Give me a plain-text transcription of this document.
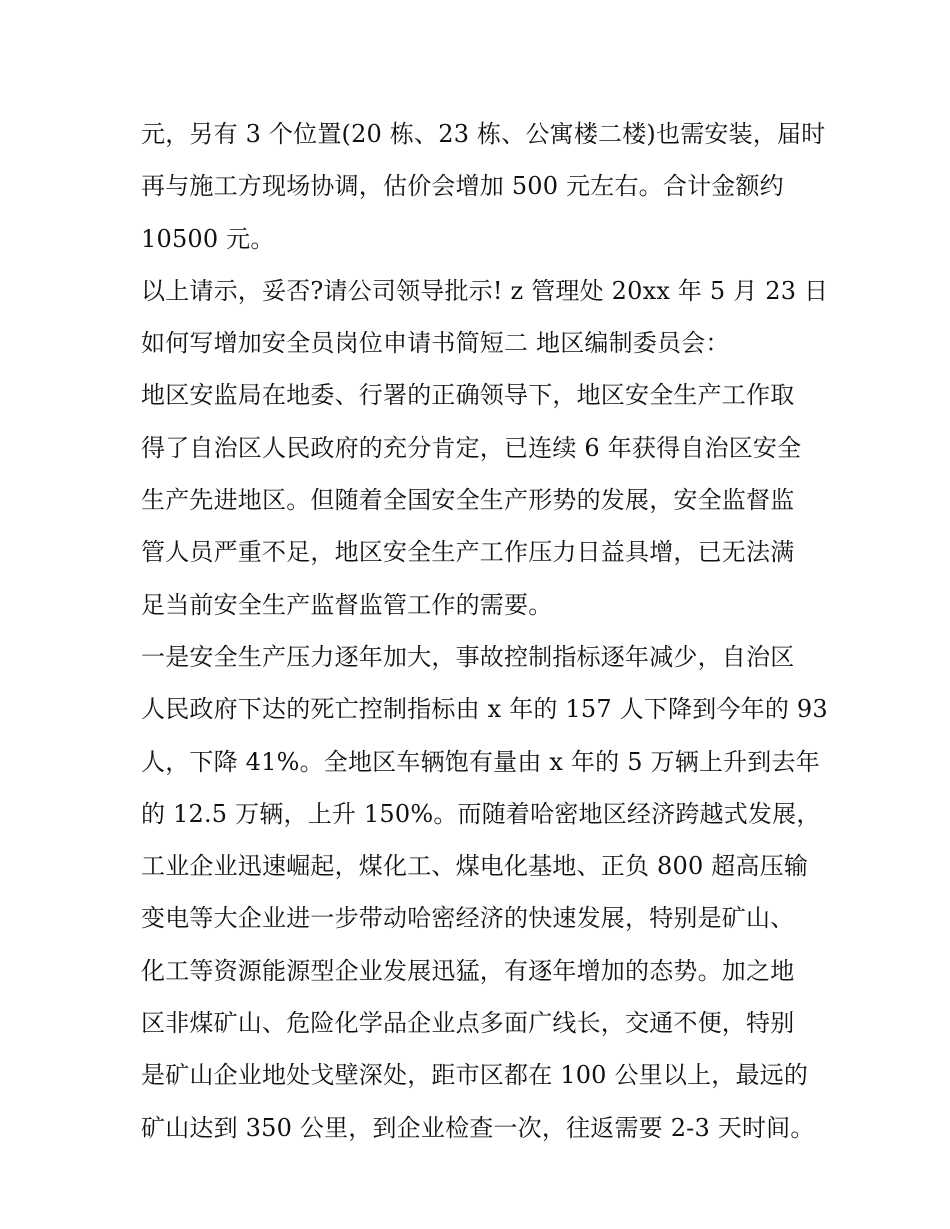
元，另有 3 个位置(20 栋、23 栋、公寓楼二楼)也需安装，届时
再与施工方现场协调，估价会增加 500 元左右。合计金额约
10500 元。
以上请示，妥否?请公司领导批示! z 管理处 20xx 年 5 月 23 日
如何写增加安全员岗位申请书简短二 地区编制委员会：
地区安监局在地委、行署的正确领导下，地区安全生产工作取
得了自治区人民政府的充分肯定，已连续 6 年获得自治区安全
生产先进地区。但随着全国安全生产形势的发展，安全监督监
管人员严重不足，地区安全生产工作压力日益具增，已无法满
足当前安全生产监督监管工作的需要。
一是安全生产压力逐年加大，事故控制指标逐年减少，自治区
人民政府下达的死亡控制指标由 x 年的 157 人下降到今年的 93
人，下降 41%。全地区车辆饱有量由 x 年的 5 万辆上升到去年
的 12.5 万辆，上升 150%。而随着哈密地区经济跨越式发展，
工业企业迅速崛起，煤化工、煤电化基地、正负 800 超高压输
变电等大企业进一步带动哈密经济的快速发展，特别是矿山、
化工等资源能源型企业发展迅猛，有逐年增加的态势。加之地
区非煤矿山、危险化学品企业点多面广线长，交通不便，特别
是矿山企业地处戈壁深处，距市区都在 100 公里以上，最远的
矿山达到 350 公里，到企业检查一次，往返需要 2-3 天时间。
